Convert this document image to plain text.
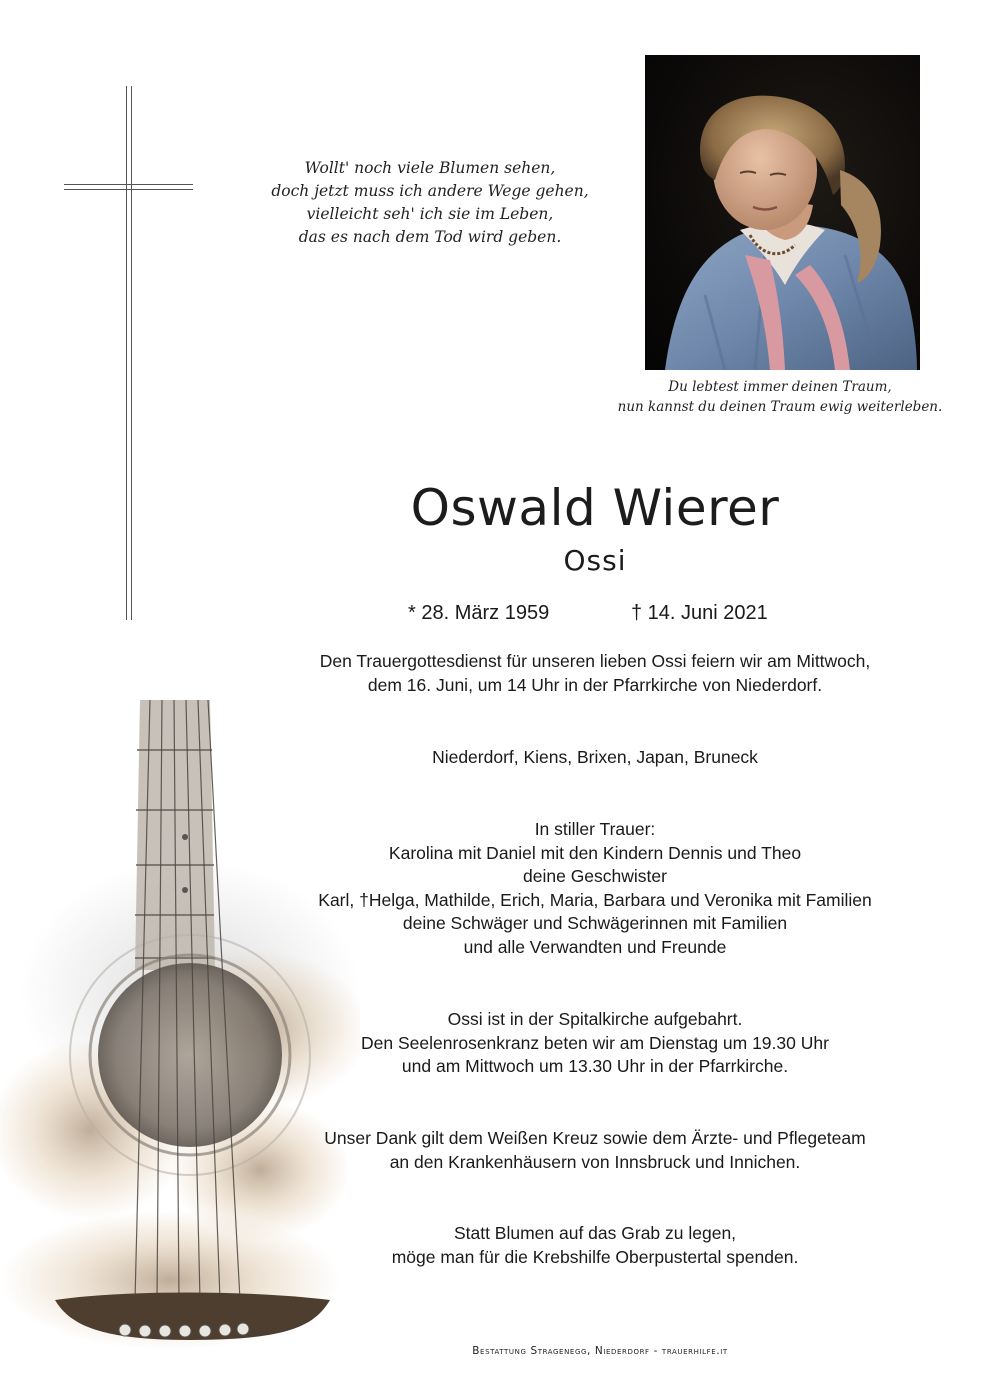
Wollt' noch viele Blumen sehen,
doch jetzt muss ich andere Wege gehen,
vielleicht seh' ich sie im Leben,
das es nach dem Tod wird geben.
Du lebtest immer deinen Traum,
nun kannst du deinen Traum ewig weiterleben.
Oswald Wierer
Ossi
* 28. März 1959	† 14. Juni 2021
Den Trauergottesdienst für unseren lieben Ossi feiern wir am Mittwoch,
dem 16. Juni, um 14 Uhr in der Pfarrkirche von Niederdorf.
Niederdorf, Kiens, Brixen, Japan, Bruneck
In stiller Trauer:
Karolina mit Daniel mit den Kindern Dennis und Theo
deine Geschwister
Karl, †Helga, Mathilde, Erich, Maria, Barbara und Veronika mit Familien
deine Schwäger und Schwägerinnen mit Familien
und alle Verwandten und Freunde
Ossi ist in der Spitalkirche aufgebahrt.
Den Seelenrosenkranz beten wir am Dienstag um 19.30 Uhr
und am Mittwoch um 13.30 Uhr in der Pfarrkirche.
Unser Dank gilt dem Weißen Kreuz sowie dem Ärzte- und Pflegeteam
an den Krankenhäusern von Innsbruck und Innichen.
Statt Blumen auf das Grab zu legen,
möge man für die Krebshilfe Oberpustertal spenden.
Bestattung Stragenegg, Niederdorf - trauerhilfe.it
